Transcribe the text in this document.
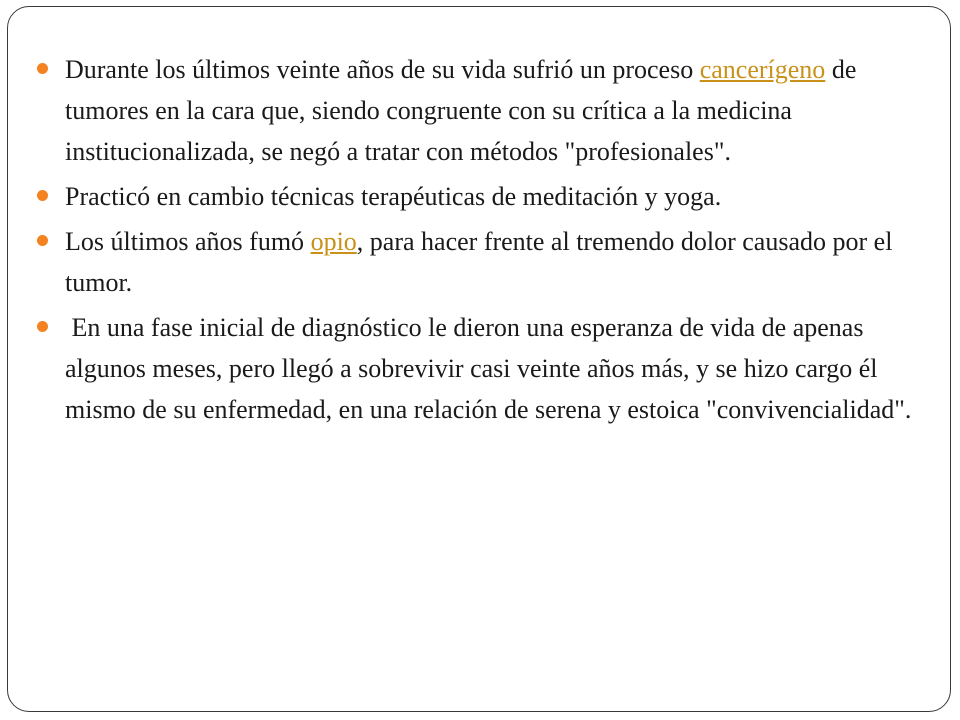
Durante los últimos veinte años de su vida sufrió un proceso cancerígeno de tumores en la cara que, siendo congruente con su crítica a la medicina institucionalizada, se negó a tratar con métodos "profesionales".
Practicó en cambio técnicas terapéuticas de meditación y yoga.
Los últimos años fumó opio, para hacer frente al tremendo dolor causado por el tumor.
En una fase inicial de diagnóstico le dieron una esperanza de vida de apenas algunos meses, pero llegó a sobrevivir casi veinte años más, y se hizo cargo él mismo de su enfermedad, en una relación de serena y estoica "convivencialidad".
